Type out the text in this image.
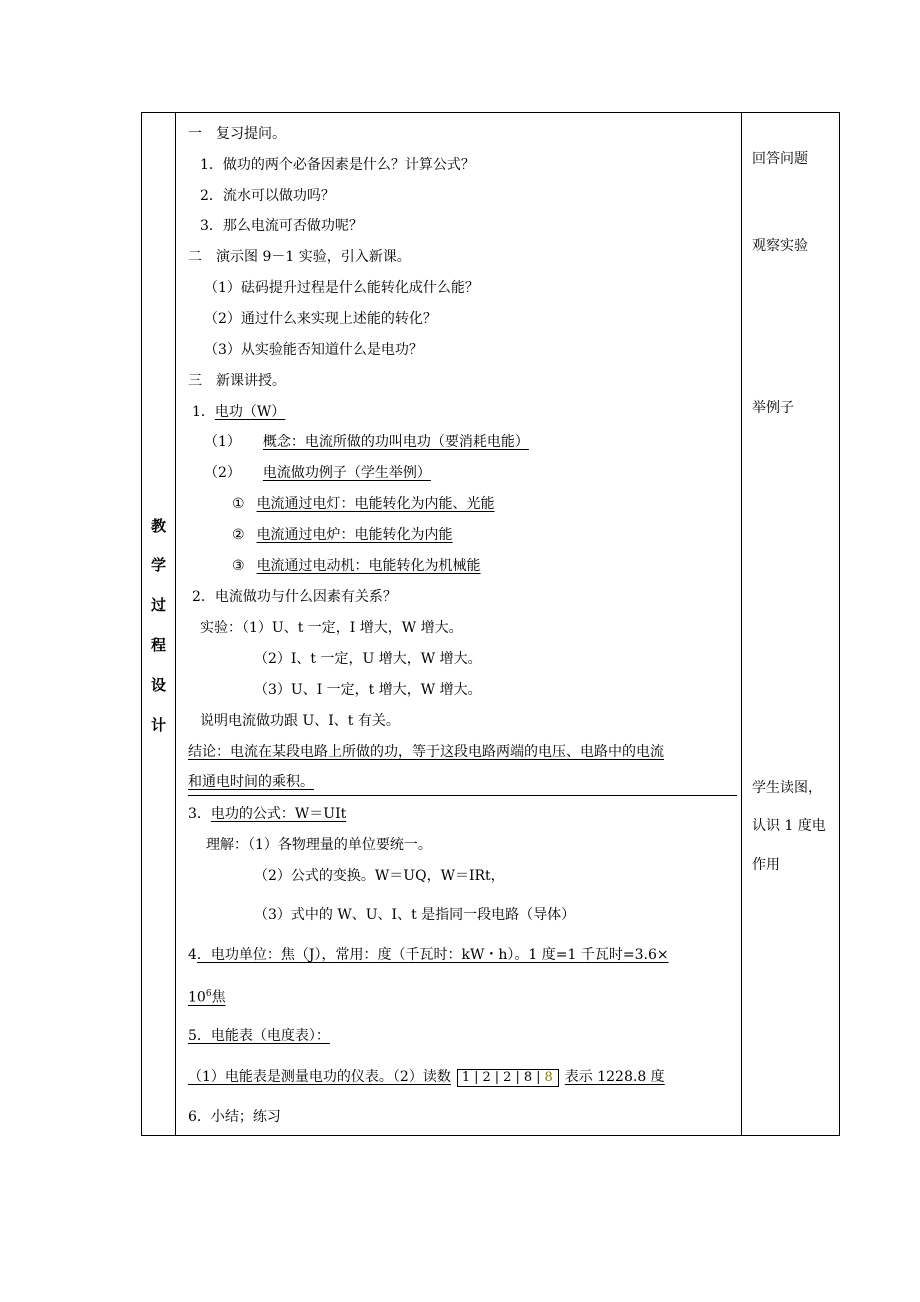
教
学
过
程
设
计
一　复习提问。
1．做功的两个必备因素是什么？计算公式？
2．流水可以做功吗？
3．那么电流可否做功呢？
二　演示图 9－1 实验，引入新课。
（1）砝码提升过程是什么能转化成什么能？
（2）通过什么来实现上述能的转化？
（3）从实验能否知道什么是电功？
三　新课讲授。
1．电功（W）
（1） 概念：电流所做的功叫电功（要消耗电能）
（2） 电流做功例子（学生举例）
① 电流通过电灯：电能转化为内能、光能
② 电流通过电炉：电能转化为内能
③ 电流通过电动机：电能转化为机械能
2．电流做功与什么因素有关系？
实验：（1）U、t 一定，I 增大，W 增大。
（2）I、t 一定，U 增大，W 增大。
（3）U、I 一定，t 增大，W 增大。
说明电流做功跟 U、I、t 有关。
结论：电流在某段电路上所做的功，等于这段电路两端的电压、电路中的电流
和通电时间的乘积。
3．电功的公式：W＝UIt
理解：（1）各物理量的单位要统一。
（2）公式的变换。W＝UQ，W＝IRt，
（3）式中的 W、U、I、t 是指同一段电路（导体）
4．电功单位：焦（J），常用：度（千瓦时：kW・h）。1 度=1 千瓦时=3.6×
$10^6$焦
5．电能表（电度表）：
（1）电能表是测量电功的仪表。（2）读数 1 | 2 | 2 | 8 | 8 表示 1228.8 度
6．小结；练习
回答问题
观察实验
举例子
学生读图，
认识 1 度电
作用
